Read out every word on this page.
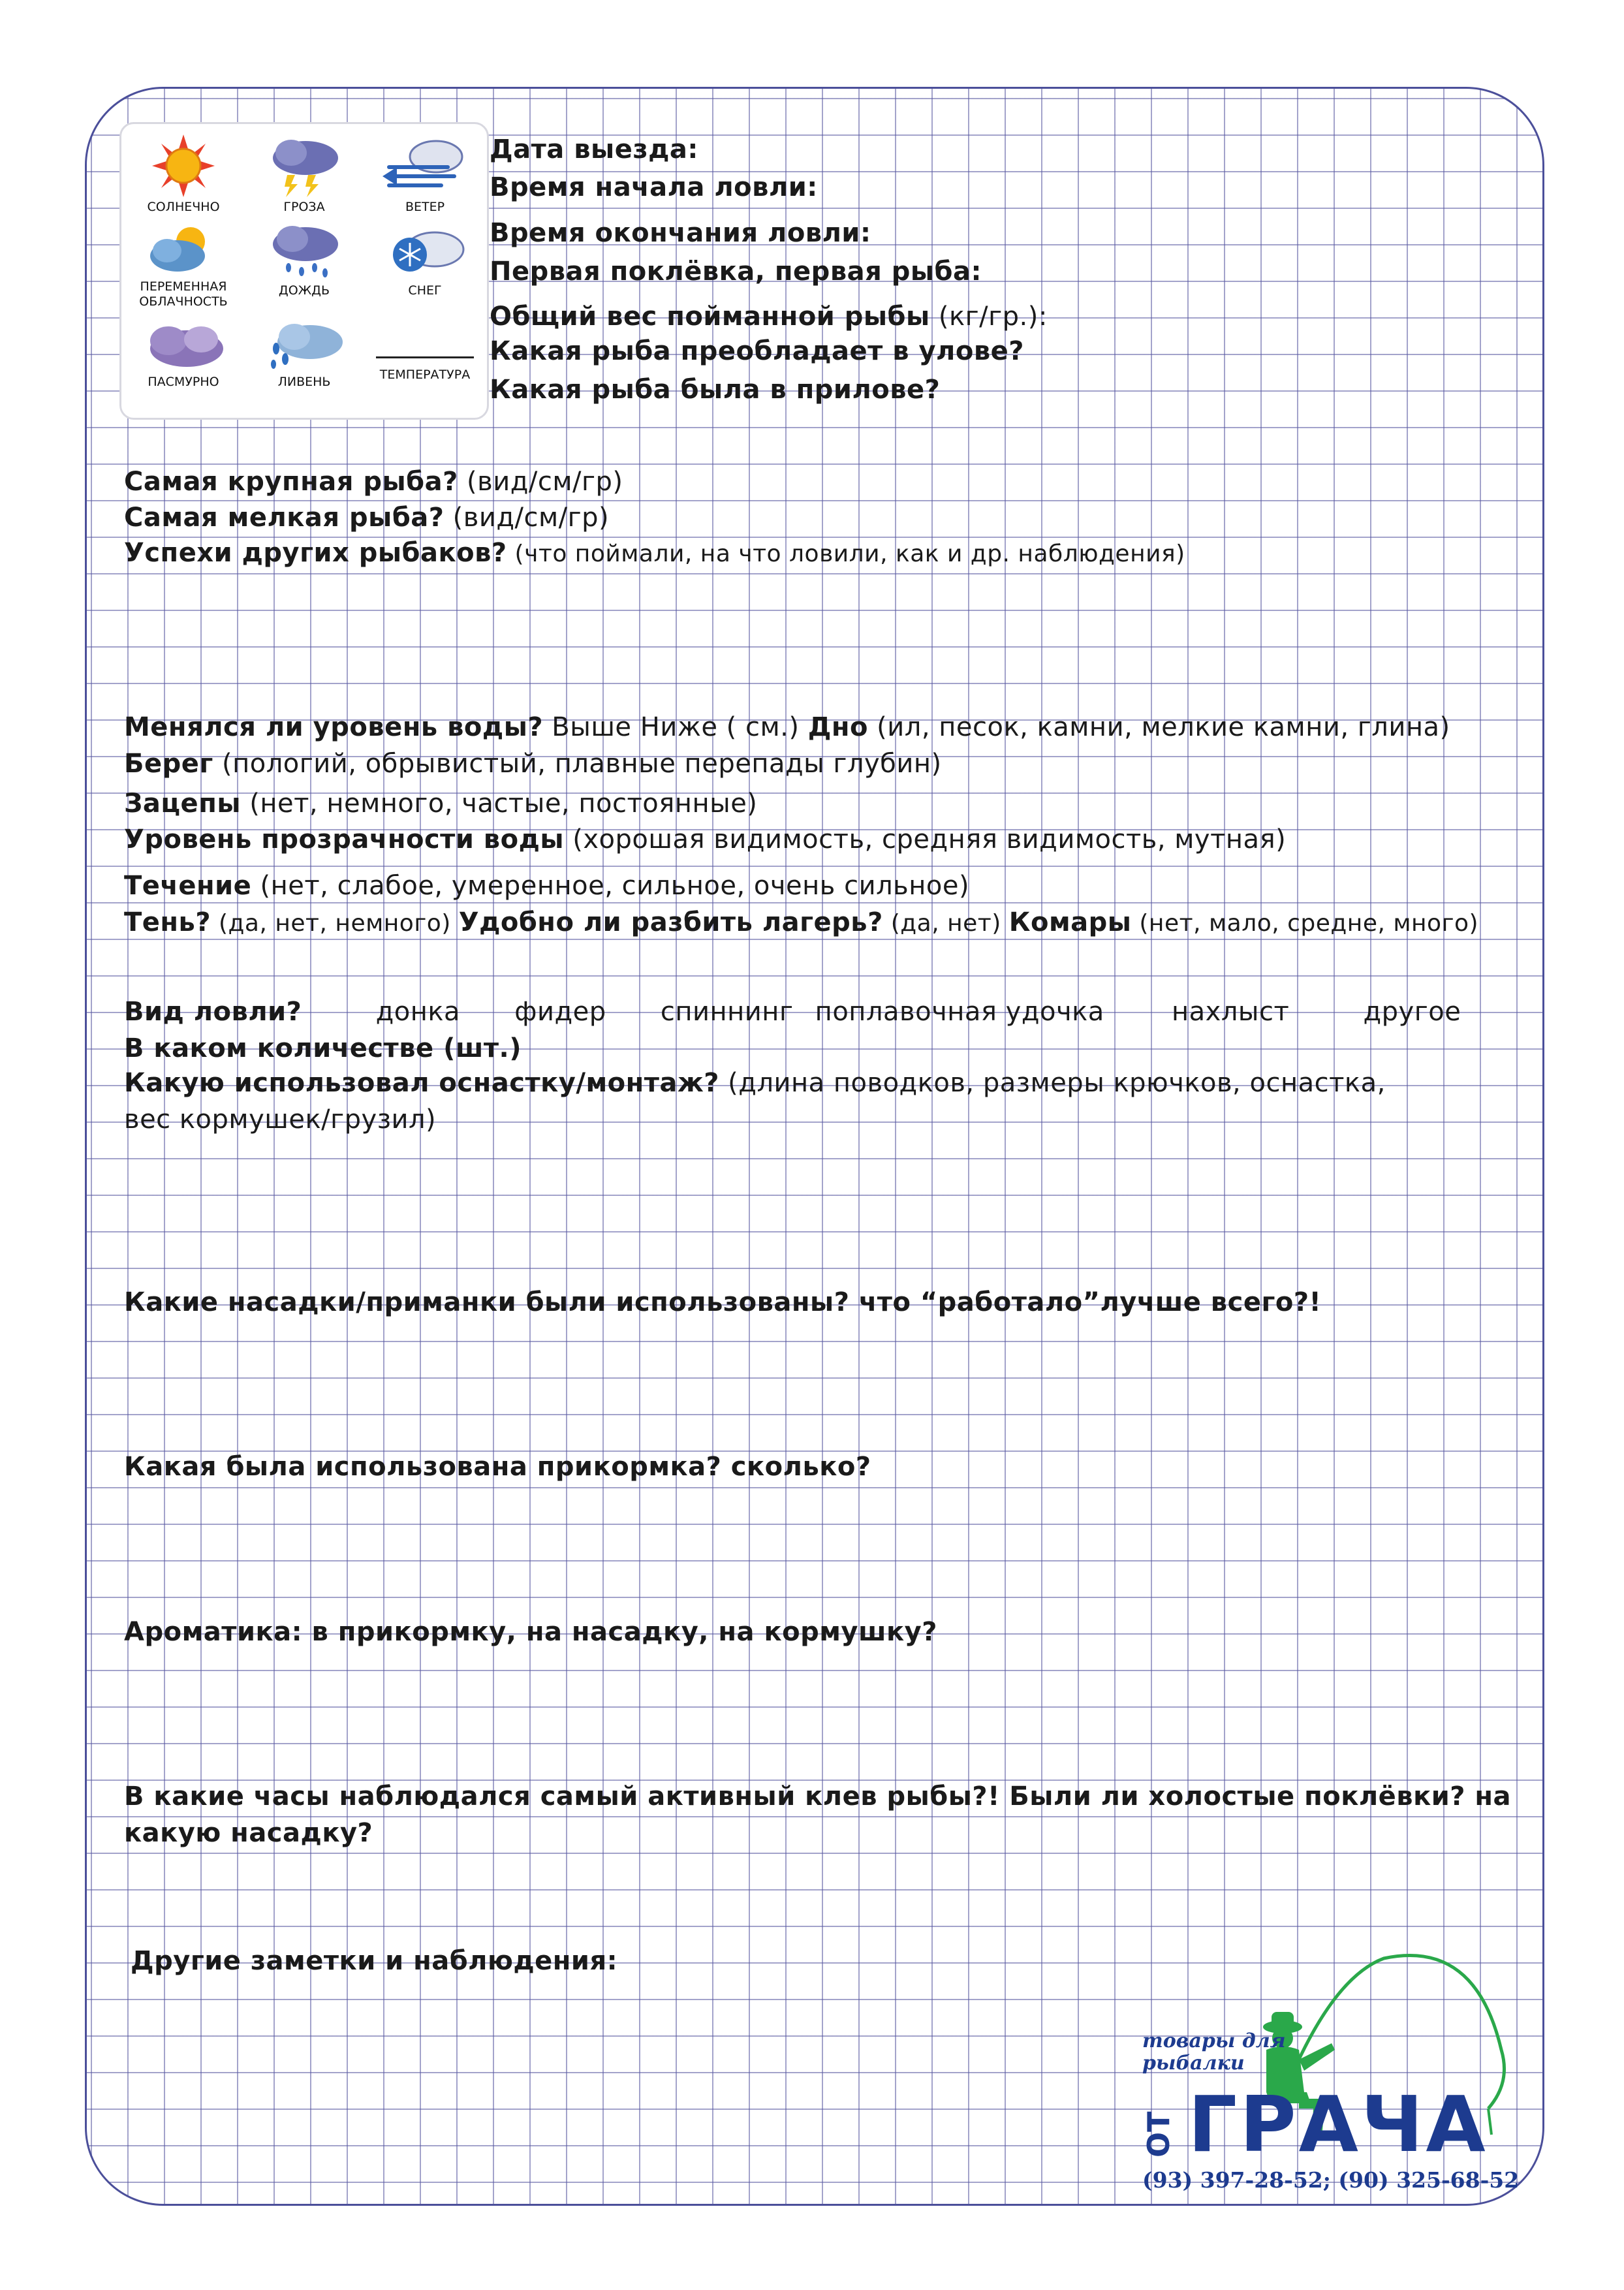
СОЛНЕЧНО	ГРОЗА	ВЕТЕР
ПЕРЕМЕННАЯ
ОБЛАЧНОСТЬ
ДОЖДЬ	СНЕГ
ПАСМУРНО	ЛИВЕНЬ	ТЕМПЕРАТУРА
Дата выезда:
Время начала ловли:
Время окончания ловли:
Первая поклёвка, первая рыба:
Общий вес пойманной рыбы (кг/гр.):
Какая рыба преобладает в улове?
Какая рыба была в прилове?
Самая крупная рыба? (вид/см/гр)
Самая мелкая рыба? (вид/см/гр)
Успехи других рыбаков? (что поймали, на что ловили, как и др. наблюдения)
Менялся ли уровень воды? Выше Ниже ( см.) Дно (ил, песок, камни, мелкие камни, глина)
Берег (пологий, обрывистый, плавные перепады глубин)
Зацепы (нет, немного, частые, постоянные)
Уровень прозрачности воды (хорошая видимость, средняя видимость, мутная)
Течение (нет, слабое, умеренное, сильное, очень сильное)
Тень? (да, нет, немного) Удобно ли разбить лагерь? (да, нет) Комары (нет, мало, средне, много)
Вид ловли?	донка фидер спиннинг поплавочная удочка	нахлыст	другое
В каком количестве (шт.)
Какую использовал оснастку/монтаж? (длина поводков, размеры крючков, оснастка,
вес кормушек/грузил)
Какие насадки/приманки были использованы? что “работало”лучше всего?!
Какая была использована прикормка? сколько?
Ароматика: в прикормку, на насадку, на кормушку?
В какие часы наблюдался самый активный клев рыбы?! Были ли холостые поклёвки? на
какую насадку?
Другие заметки и наблюдения:
товары для
рыбалки
ОТ ГРАЧА
(93) 397-28-52; (90) 325-68-52
